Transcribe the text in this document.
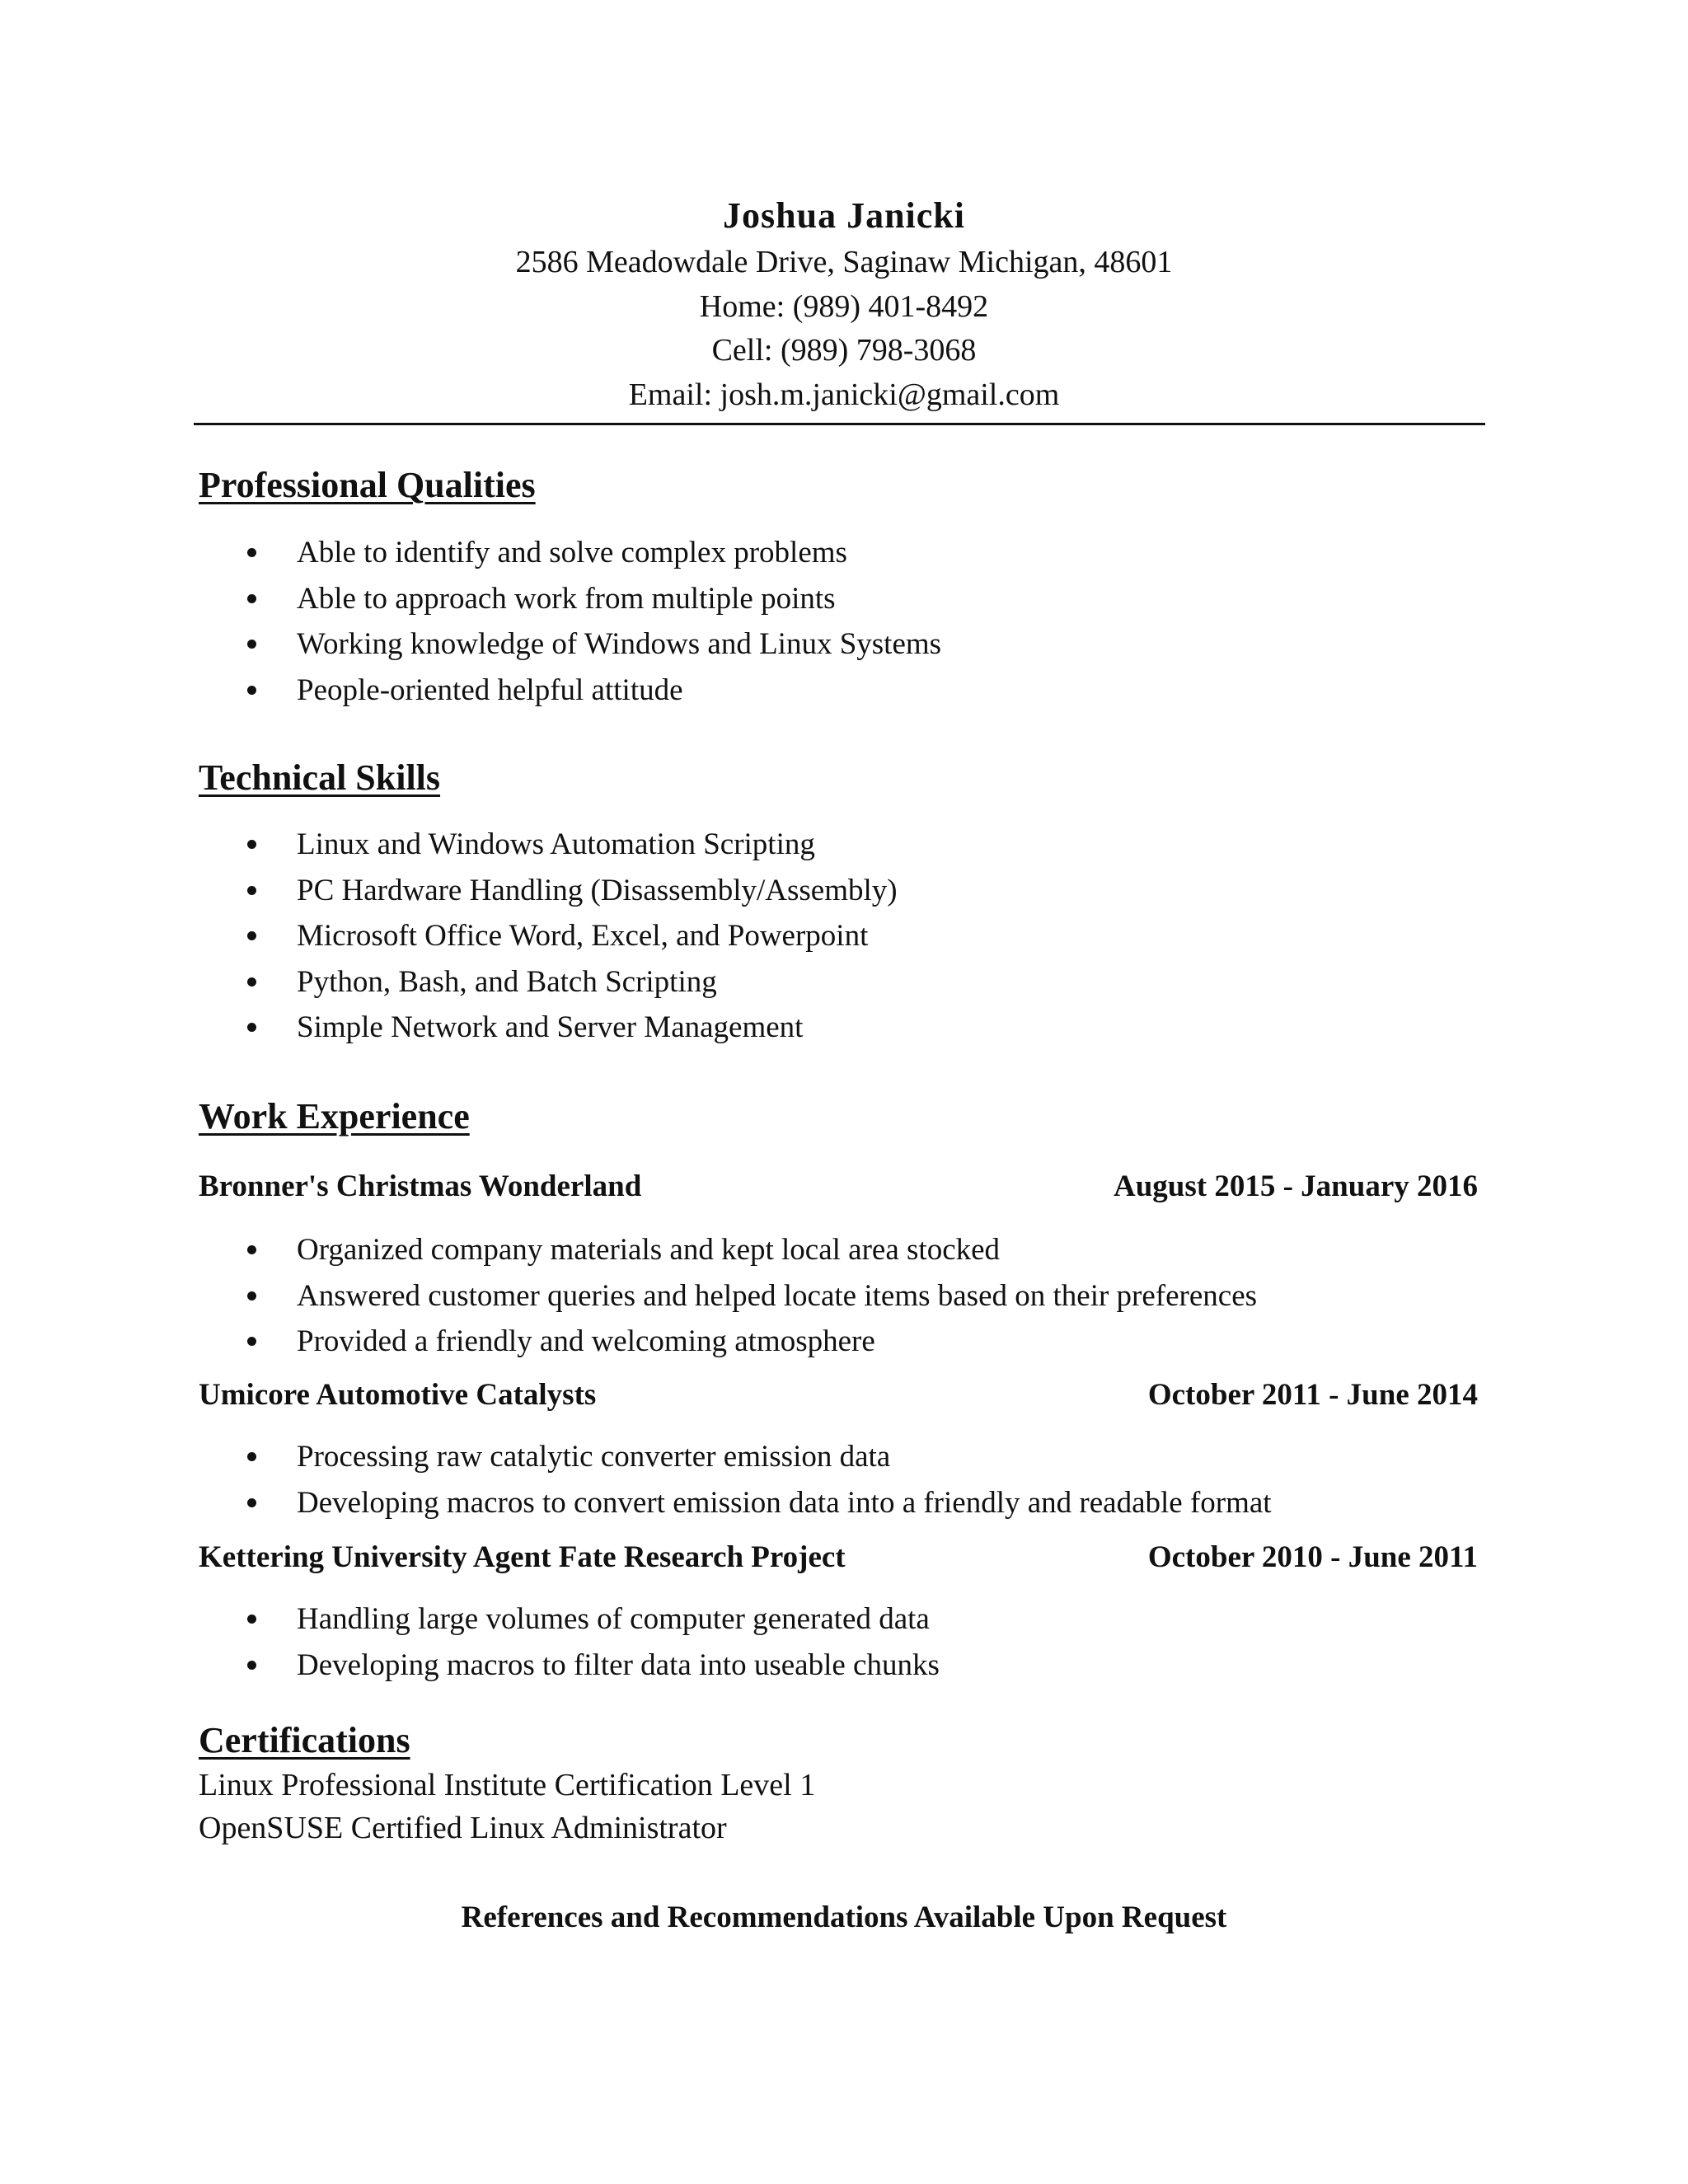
Joshua Janicki
2586 Meadowdale Drive, Saginaw Michigan, 48601
Home: (989) 401-8492
Cell: (989) 798-3068
Email: josh.m.janicki@gmail.com
Professional Qualities
Able to identify and solve complex problems
Able to approach work from multiple points
Working knowledge of Windows and Linux Systems
People-oriented helpful attitude
Technical Skills
Linux and Windows Automation Scripting
PC Hardware Handling (Disassembly/Assembly)
Microsoft Office Word, Excel, and Powerpoint
Python, Bash, and Batch Scripting
Simple Network and Server Management
Work Experience
Bronner's Christmas Wonderland	August 2015 - January 2016
Organized company materials and kept local area stocked
Answered customer queries and helped locate items based on their preferences
Provided a friendly and welcoming atmosphere
Umicore Automotive Catalysts	October 2011 - June 2014
Processing raw catalytic converter emission data
Developing macros to convert emission data into a friendly and readable format
Kettering University Agent Fate Research Project	October 2010 - June 2011
Handling large volumes of computer generated data
Developing macros to filter data into useable chunks
Certifications
Linux Professional Institute Certification Level 1
OpenSUSE Certified Linux Administrator
References and Recommendations Available Upon Request
